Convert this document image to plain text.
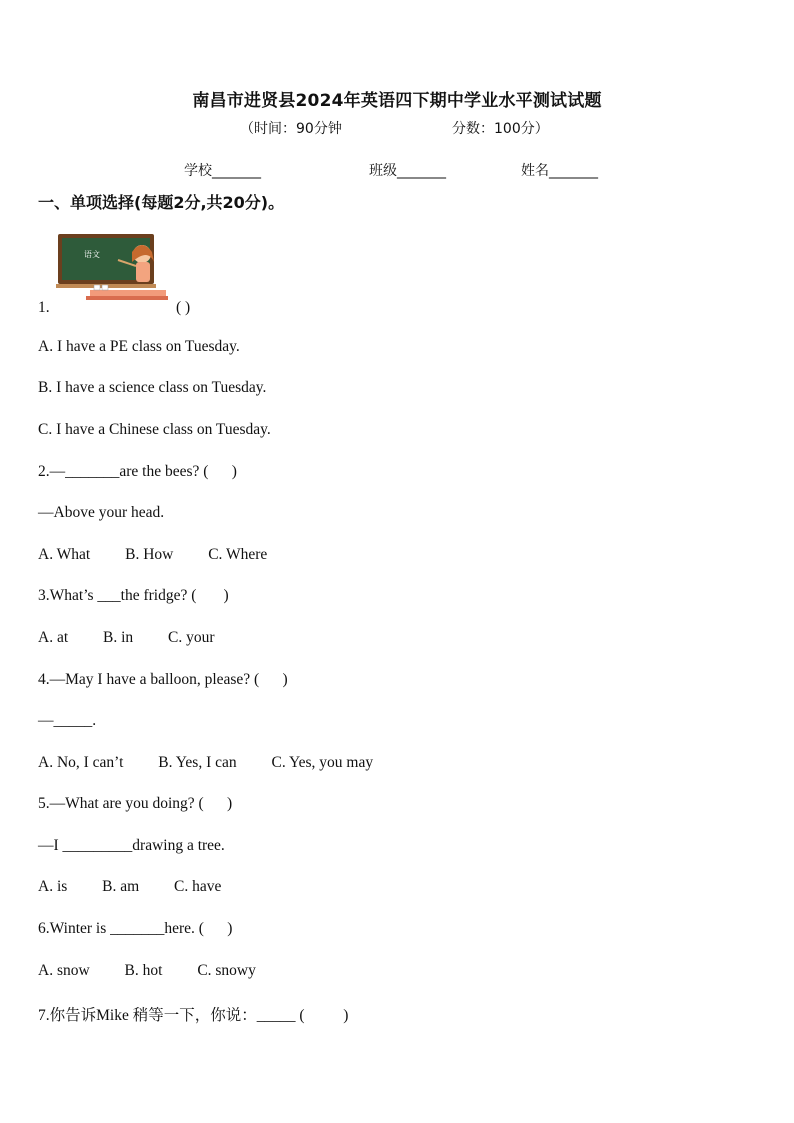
南昌市进贤县2024年英语四下期中学业水平测试试题
（时间：90分钟	分数：100分）
学校_______	班级_______	姓名_______
一、单项选择(每题2分,共20分)。
语文
1.	( )
A. I have a PE class on Tuesday.
B. I have a science class on Tuesday.
C. I have a Chinese class on Tuesday.
2.—_______are the bees? (      )
—Above your head.
A. What         B. How         C. Where
3.What’s ___the fridge? (       )
A. at         B. in         C. your
4.—May I have a balloon, please? (      )
—_____.
A. No, I can’t         B. Yes, I can         C. Yes, you may
5.—What are you doing? (      )
—I _________drawing a tree.
A. is         B. am         C. have
6.Winter is _______here. (      )
A. snow         B. hot         C. snowy
7.你告诉Mike 稍等一下，你说：_____ (          )
